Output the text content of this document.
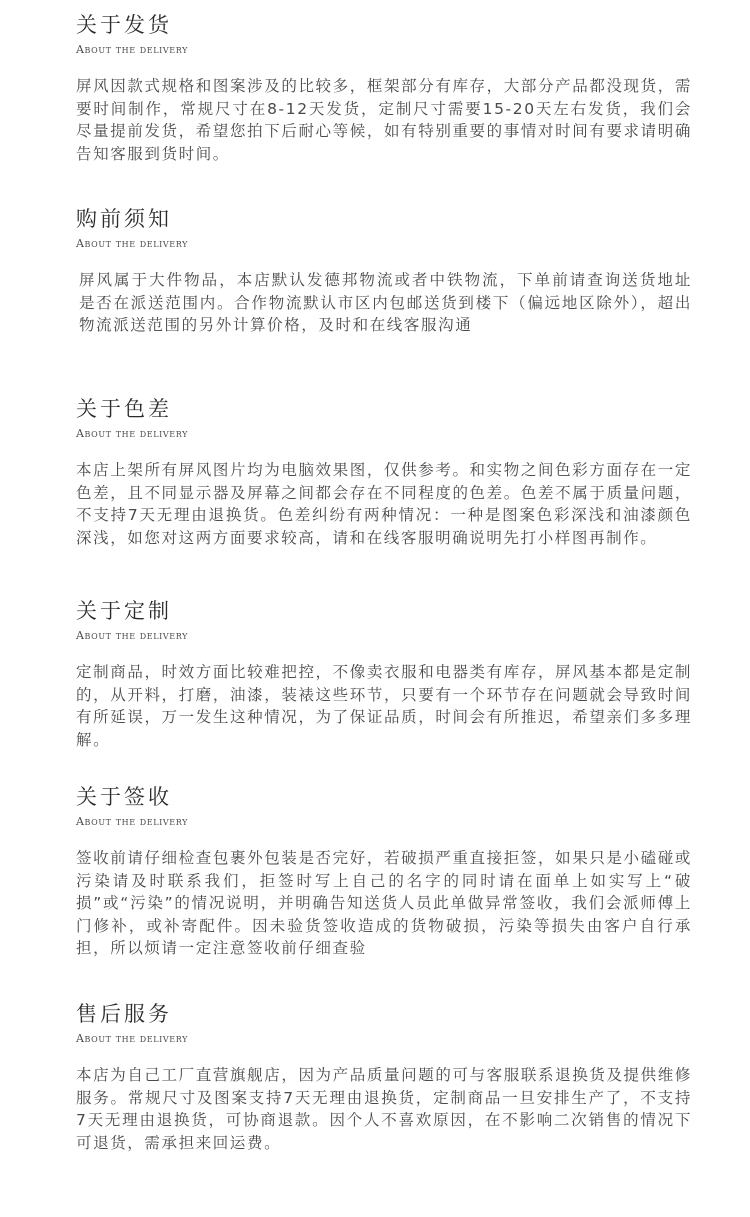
关于发货
About the delivery

屏风因款式规格和图案涉及的比较多，框架部分有库存，大部分产品都没现货，需要时间制作，常规尺寸在8-12天发货，定制尺寸需要15-20天左右发货，我们会尽量提前发货，希望您拍下后耐心等候，如有特别重要的事情对时间有要求请明确告知客服到货时间。

购前须知
About the delivery

屏风属于大件物品，本店默认发德邦物流或者中铁物流，下单前请查询送货地址是否在派送范围内。合作物流默认市区内包邮送货到楼下（偏远地区除外），超出物流派送范围的另外计算价格，及时和在线客服沟通

关于色差
About the delivery

本店上架所有屏风图片均为电脑效果图，仅供参考。和实物之间色彩方面存在一定色差，且不同显示器及屏幕之间都会存在不同程度的色差。色差不属于质量问题，不支持7天无理由退换货。色差纠纷有两种情况：一种是图案色彩深浅和油漆颜色深浅，如您对这两方面要求较高，请和在线客服明确说明先打小样图再制作。

关于定制
About the delivery

定制商品，时效方面比较难把控，不像卖衣服和电器类有库存，屏风基本都是定制的，从开料，打磨，油漆，装裱这些环节，只要有一个环节存在问题就会导致时间有所延误，万一发生这种情况，为了保证品质，时间会有所推迟，希望亲们多多理解。

关于签收
About the delivery

签收前请仔细检查包裹外包装是否完好，若破损严重直接拒签，如果只是小磕碰或污染请及时联系我们，拒签时写上自己的名字的同时请在面单上如实写上“破损”或“污染”的情况说明，并明确告知送货人员此单做异常签收，我们会派师傅上门修补，或补寄配件。因未验货签收造成的货物破损，污染等损失由客户自行承担，所以烦请一定注意签收前仔细查验

售后服务
About the delivery

本店为自己工厂直营旗舰店，因为产品质量问题的可与客服联系退换货及提供维修服务。常规尺寸及图案支持7天无理由退换货，定制商品一旦安排生产了，不支持7天无理由退换货，可协商退款。因个人不喜欢原因，在不影响二次销售的情况下可退货，需承担来回运费。
